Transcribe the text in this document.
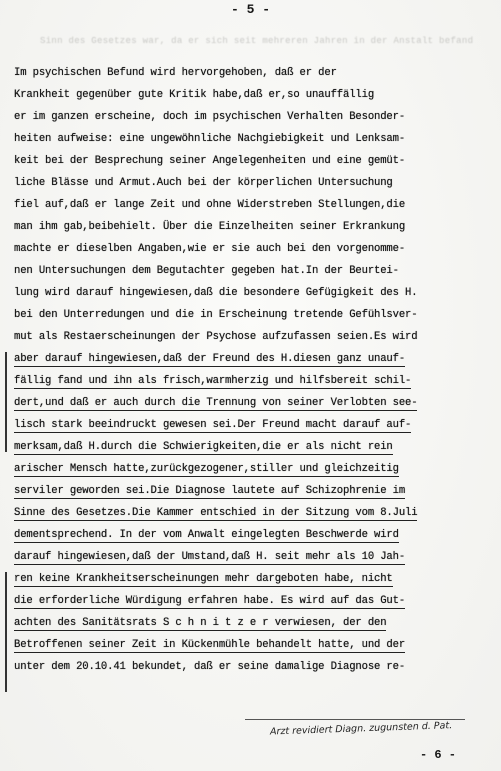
- 5 -
Sinn des Gesetzes war, da er sich seit mehreren Jahren in der Anstalt befand
Im psychischen Befund wird hervorgehoben, daß er der
Krankheit gegenüber gute Kritik habe,daß er,so unauffällig
er im ganzen erscheine, doch im psychischen Verhalten Besonder-
heiten aufweise: eine ungewöhnliche Nachgiebigkeit und Lenksam-
keit bei der Besprechung seiner Angelegenheiten und eine gemüt-
liche Blässe und Armut.Auch bei der körperlichen Untersuchung
fiel auf,daß er lange Zeit und ohne Widerstreben Stellungen,die
man ihm gab,beibehielt. Über die Einzelheiten seiner Erkrankung
machte er dieselben Angaben,wie er sie auch bei den vorgenomme-
nen Untersuchungen dem Begutachter gegeben hat.In der Beurtei-
lung wird darauf hingewiesen,daß die besondere Gefügigkeit des H.
bei den Unterredungen und die in Erscheinung tretende Gefühlsver-
mut als Restaerscheinungen der Psychose aufzufassen seien.Es wird
aber darauf hingewiesen,daß der Freund des H.diesen ganz unauf-
fällig fand und ihn als frisch,warmherzig und hilfsbereit schil-
dert,und daß er auch durch die Trennung von seiner Verlobten see-
lisch stark beeindruckt gewesen sei.Der Freund macht darauf auf-
merksam,daß H.durch die Schwierigkeiten,die er als nicht rein
arischer Mensch hatte,zurückgezogener,stiller und gleichzeitig
serviler geworden sei.Die Diagnose lautete auf Schizophrenie im
Sinne des Gesetzes.Die Kammer entschied in der Sitzung vom 8.Juli
dementsprechend. In der vom Anwalt eingelegten Beschwerde wird
darauf hingewiesen,daß der Umstand,daß H. seit mehr als 10 Jah-
ren keine Krankheitserscheinungen mehr dargeboten habe, nicht
die erforderliche Würdigung erfahren habe. Es wird auf das Gut-
achten des Sanitätsrats S c h n i t z e r verwiesen, der den
Betroffenen seiner Zeit in Kückenmühle behandelt hatte, und der
unter dem 20.10.41 bekundet, daß er seine damalige Diagnose re-
Arzt revidiert Diagn. zugunsten d. Pat.
- 6 -
